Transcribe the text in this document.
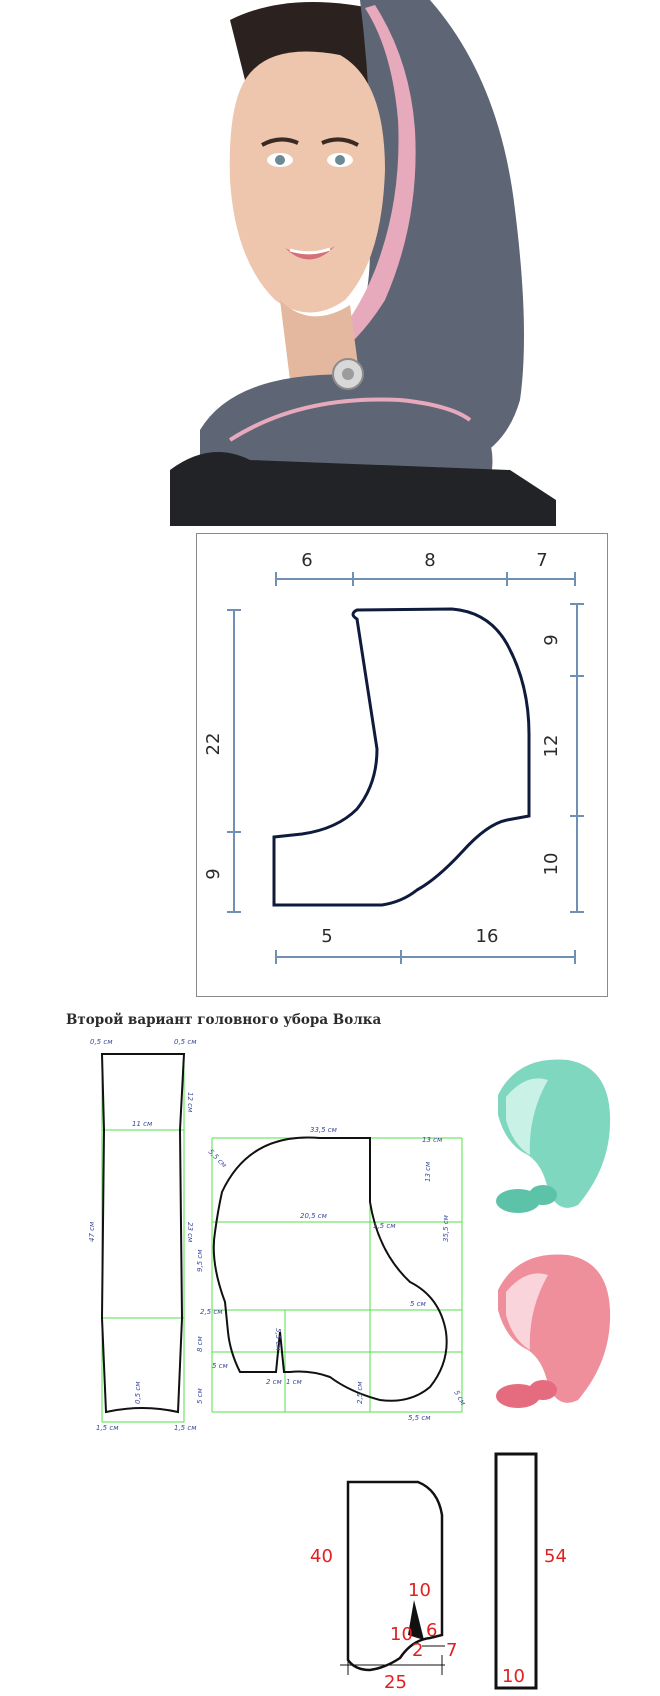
6	8	7
5	16
22
9
9
12
10
Второй вариант головного убора Волка
0,5 см	0,5 см
12 см
11 см
47 см	23 см
0,5 см
1,5 см	1,5 см
33,5 см
13 см
5,5 см
13 см
20,5 см
1,5 см	35,5 см
9,5 см
5 см
2,5 см
8 см	5,5 см
5 см
5 см
2 см 1 см	2,5 см
5,5 см
5 см
40
10
10 6
2 7
25
54
10
